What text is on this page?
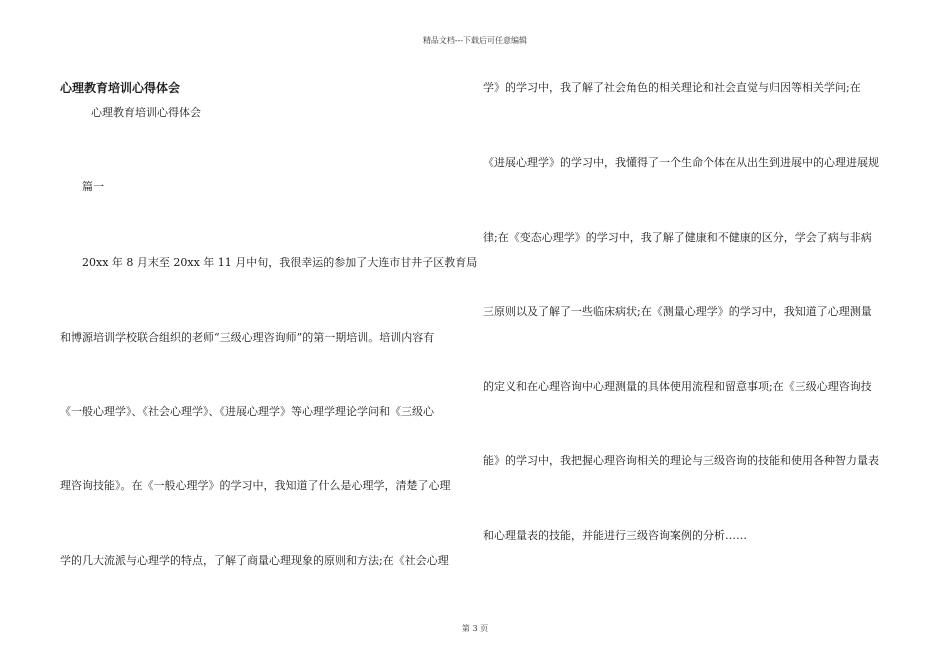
精品文档---下载后可任意编辑
心理教育培训心得体会
心理教育培训心得体会
篇一
20xx 年 8 月末至 20xx 年 11 月中旬，我很幸运的参加了大连市甘井子区教育局
和博源培训学校联合组织的老师“三级心理咨询师”的第一期培训。培训内容有
《一般心理学》、《社会心理学》、《进展心理学》等心理学理论学问和《三级心
理咨询技能》。在《一般心理学》的学习中，我知道了什么是心理学，清楚了心理
学的几大流派与心理学的特点，了解了商量心理现象的原则和方法;在《社会心理
学》的学习中，我了解了社会角色的相关理论和社会直觉与归因等相关学问;在
《进展心理学》的学习中，我懂得了一个生命个体在从出生到进展中的心理进展规
律;在《变态心理学》的学习中，我了解了健康和不健康的区分，学会了病与非病
三原则以及了解了一些临床病状;在《测量心理学》的学习中，我知道了心理测量
的定义和在心理咨询中心理测量的具体使用流程和留意事项;在《三级心理咨询技
能》的学习中，我把握心理咨询相关的理论与三级咨询的技能和使用各种智力量表
和心理量表的技能，并能进行三级咨询案例的分析……
第 3 页
